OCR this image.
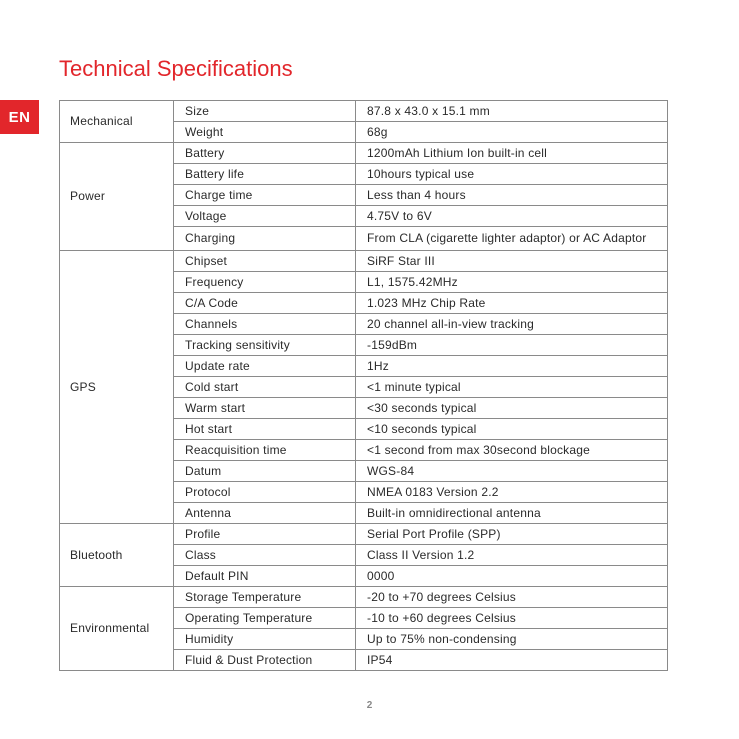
EN
Technical Specifications
Mechanical	Size	87.8 x 43.0 x 15.1 mm
	Weight	68g
Power	Battery	1200mAh Lithium Ion built-in cell
	Battery life	10hours typical use
	Charge time	Less than 4 hours
	Voltage	4.75V to 6V
	Charging	From CLA (cigarette lighter adaptor) or AC Adaptor
GPS	Chipset	SiRF Star III
	Frequency	L1, 1575.42MHz
	C/A Code	1.023 MHz Chip Rate
	Channels	20 channel all-in-view tracking
	Tracking sensitivity	-159dBm
	Update rate	1Hz
	Cold start	<1 minute typical
	Warm start	<30 seconds typical
	Hot start	<10 seconds typical
	Reacquisition time	<1 second from max 30second blockage
	Datum	WGS-84
	Protocol	NMEA 0183 Version 2.2
	Antenna	Built-in omnidirectional antenna
Bluetooth	Profile	Serial Port Profile (SPP)
	Class	Class II Version 1.2
	Default PIN	0000
Environmental	Storage Temperature	-20 to +70 degrees Celsius
	Operating Temperature	-10 to +60 degrees Celsius
	Humidity	Up to 75% non-condensing
	Fluid & Dust Protection	IP54
2
